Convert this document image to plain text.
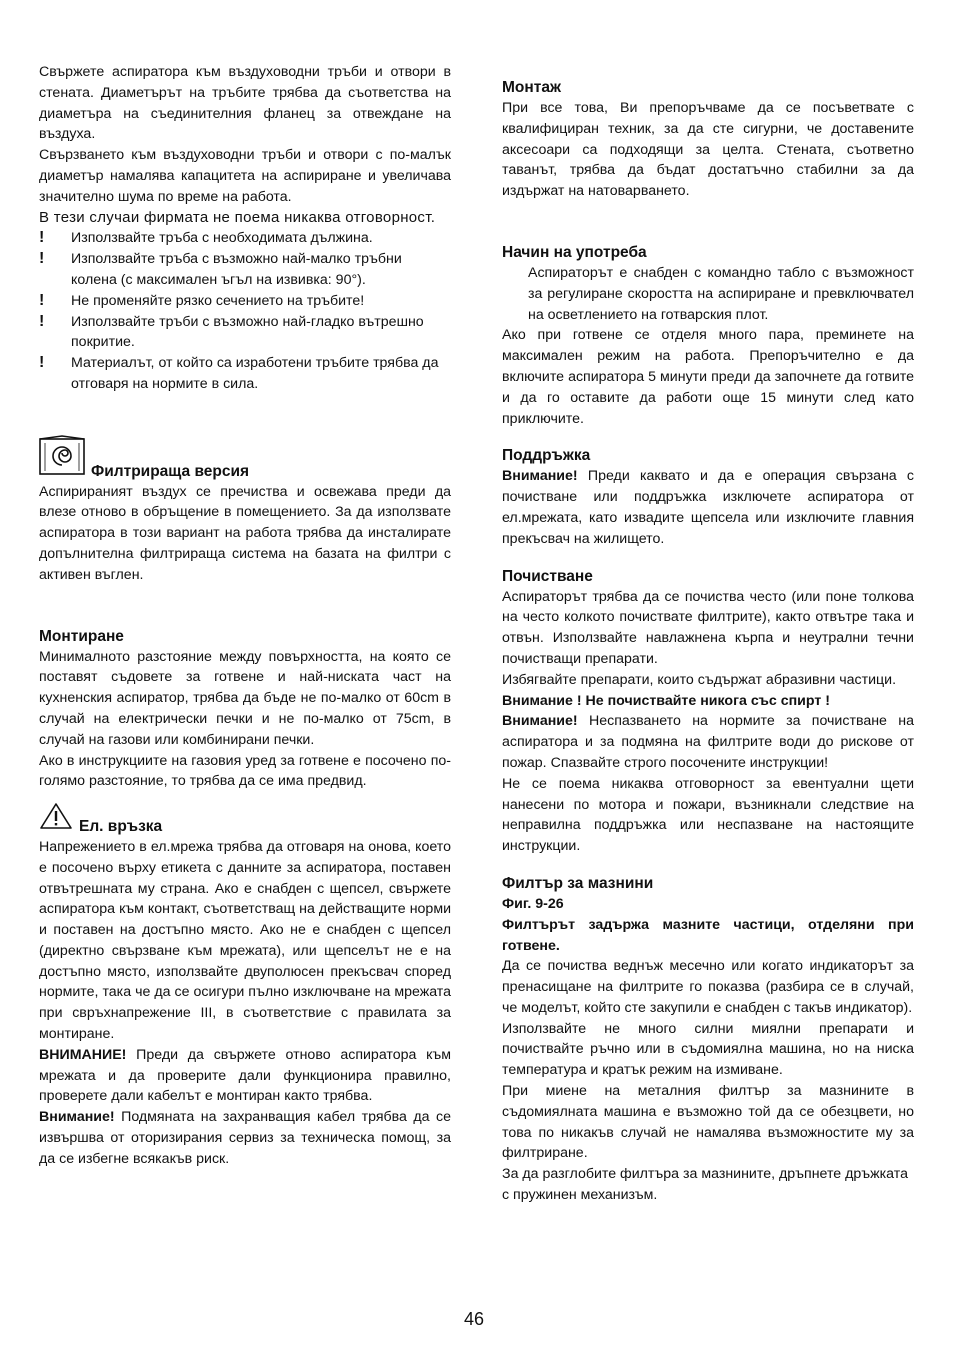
Свържете аспиратора към въздуховодни тръби и отвори в стената. Диаметърът на тръбите трябва да съответства на диаметъра на съединителния фланец за отвеждане на въздуха.

Свързването към въздуховодни тръби и отвори с по-малък диаметър намалява капацитета на аспириране и увеличава значително шума по време на работа.

В тези случаи фирмата не поема никаква отговорност.

! Използвайте тръба с необходимата дължина.
! Използвайте тръба с възможно най-малко тръбни колена (с максимален ъгъл на извивка: 90°).
! Не променяйте рязко сечението на тръбите!
! Използвайте тръби с възможно най-гладко вътрешно покритие.
! Материалът, от който са изработени тръбите трябва да отговаря на нормите в сила.
Филтрираща версия

Аспирираният въздух се пречиства и освежава преди да влезе отново в обръщение в помещението. За да използвате аспиратора в този вариант на работа трябва да инсталирате допълнителна филтрираща система на базата на филтри с активен въглен.

Монтиране

Минималното разстояние между повърхността, на която се поставят съдовете за готвене и най-ниската част на кухненския аспиратор, трябва да бъде не по-малко от 60cm в случай на електрически печки и не по-малко от 75cm, в случай на газови или комбинирани печки.

Ако в инструкциите на газовия уред за готвене е посочено по-голямо разстояние, то трябва да се има предвид.

Ел. връзка

Напрежението в ел.мрежа трябва да отговаря на онова, което е посочено върху етикета с данните за аспиратора, поставен отвътрешната му страна. Ако е снабден с щепсел, свържете аспиратора към контакт, съответстващ на действащите норми и поставен на достъпно място. Ако не е снабден с щепсел (директно свързване към мрежата), или щепселът не е на достъпно място, използвайте двуполюсен прекъсвач според нормите, така че да се осигури пълно изключване на мрежата при свръхнапрежение III, в съответствие с правилата за монтиране.

ВНИМАНИЕ! Преди да свържете отново аспиратора към мрежата и да проверите дали функционира правилно, проверете дали кабелът е монтиран както трябва.

Внимание! Подмяната на захранващия кабел трябва да се извършва от оторизирания сервиз за техническа помощ, за да се избегне всякакъв риск.

Монтаж

При все това, Ви препоръчваме да се посъветвате с квалифициран техник, за да сте сигурни, че доставените аксесоари са подходящи за целта. Стената, съответно таванът, трябва да бъдат достатъчно стабилни за да издържат на натоварването.

Начин на употреба

Аспираторът е снабден с командно табло с възможност за регулиране скоростта на аспириране и превключвател на осветлението на готварския плот.

Ако при готвене се отделя много пара, преминете на максимален режим на работа. Препоръчително е да включите аспиратора 5 минути преди да започнете да готвите и да го оставите да работи още 15 минути след като приключите.

Поддръжка

Внимание! Преди каквато и да е операция свързана с почистване или поддръжка изключете аспиратора от ел.мрежата, като извадите щепсела или изключите главния прекъсвач на жилището.

Почистване

Аспираторът трябва да се почиства често (или поне толкова на често колкото почиствате филтрите), както отвътре така и отвън. Използвайте навлажнена кърпа и неутрални течни почистващи препарати.

Избягвайте препарати, които съдържат абразивни частици.

Внимание ! Не почиствайте никога със спирт !

Внимание! Неспазването на нормите за почистване на аспиратора и за подмяна на филтрите води до рискове от пожар. Спазвайте строго посочените инструкции!

Не се поема никаква отговорност за евентуални щети нанесени по мотора и пожари, възникнали следствие на неправилна поддръжка или неспазване на настоящите инструкции.

Филтър за мазнини

Фиг. 9-26

Филтърът задържа мазните частици, отделяни при готвене.

Да се почиства веднъж месечно или когато индикаторът за пренасищане на филтрите го показва (разбира се в случай, че моделът, който сте закупили е снабден с такъв индикатор).

Използвайте не много силни миялни препарати и почиствайте ръчно или в съдомиялна машина, но на ниска температура и кратък режим на измиване.

При миене на металния филтър за мазнините в съдомиялната машина е възможно той да се обезцвети, но това по никакъв случай не намалява възможностите му за филтриране.

За да разглобите филтъра за мазнините, дръпнете дръжката с пружинен механизъм.

46
